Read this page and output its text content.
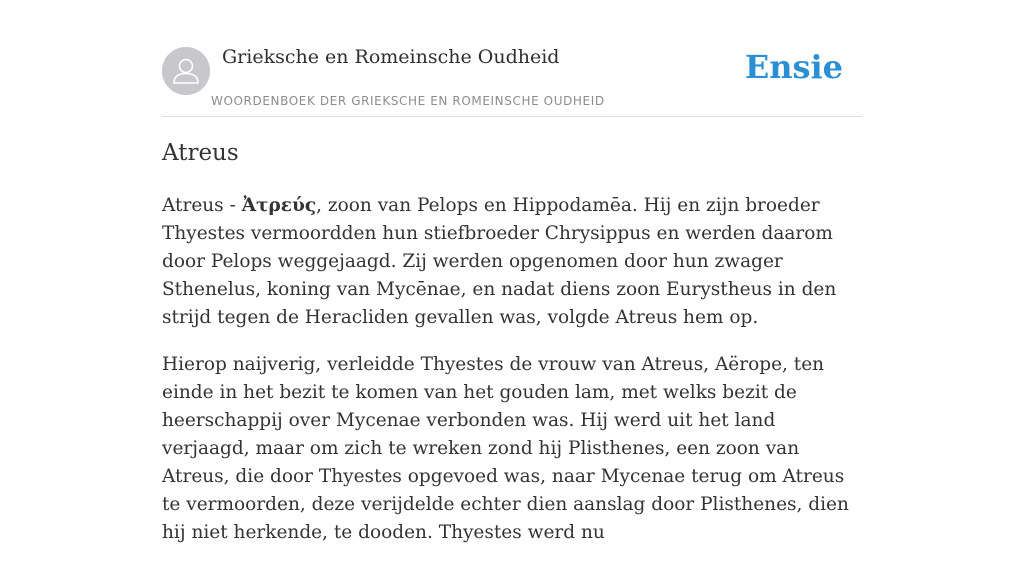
Grieksche en Romeinsche Oudheid
WOORDENBOEK DER GRIEKSCHE EN ROMEINSCHE OUDHEID
Ensie
Atreus

Atreus - Ἀτρεύς, zoon van Pelops en Hippodamēa. Hij en zijn broeder Thyestes vermoordden hun stiefbroeder Chrysippus en werden daarom door Pelops weggejaagd. Zij werden opgenomen door hun zwager Sthenelus, koning van Mycēnae, en nadat diens zoon Eurystheus in den strijd tegen de Heracliden gevallen was, volgde Atreus hem op.

Hierop naijverig, verleidde Thyestes de vrouw van Atreus, Aërope, ten einde in het bezit te komen van het gouden lam, met welks bezit de heerschappij over Mycenae verbonden was. Hij werd uit het land verjaagd, maar om zich te wreken zond hij Plisthenes, een zoon van Atreus, die door Thyestes opgevoed was, naar Mycenae terug om Atreus te vermoorden, deze verijdelde echter dien aanslag door Plisthenes, dien hij niet herkende, te dooden. Thyestes werd nu
